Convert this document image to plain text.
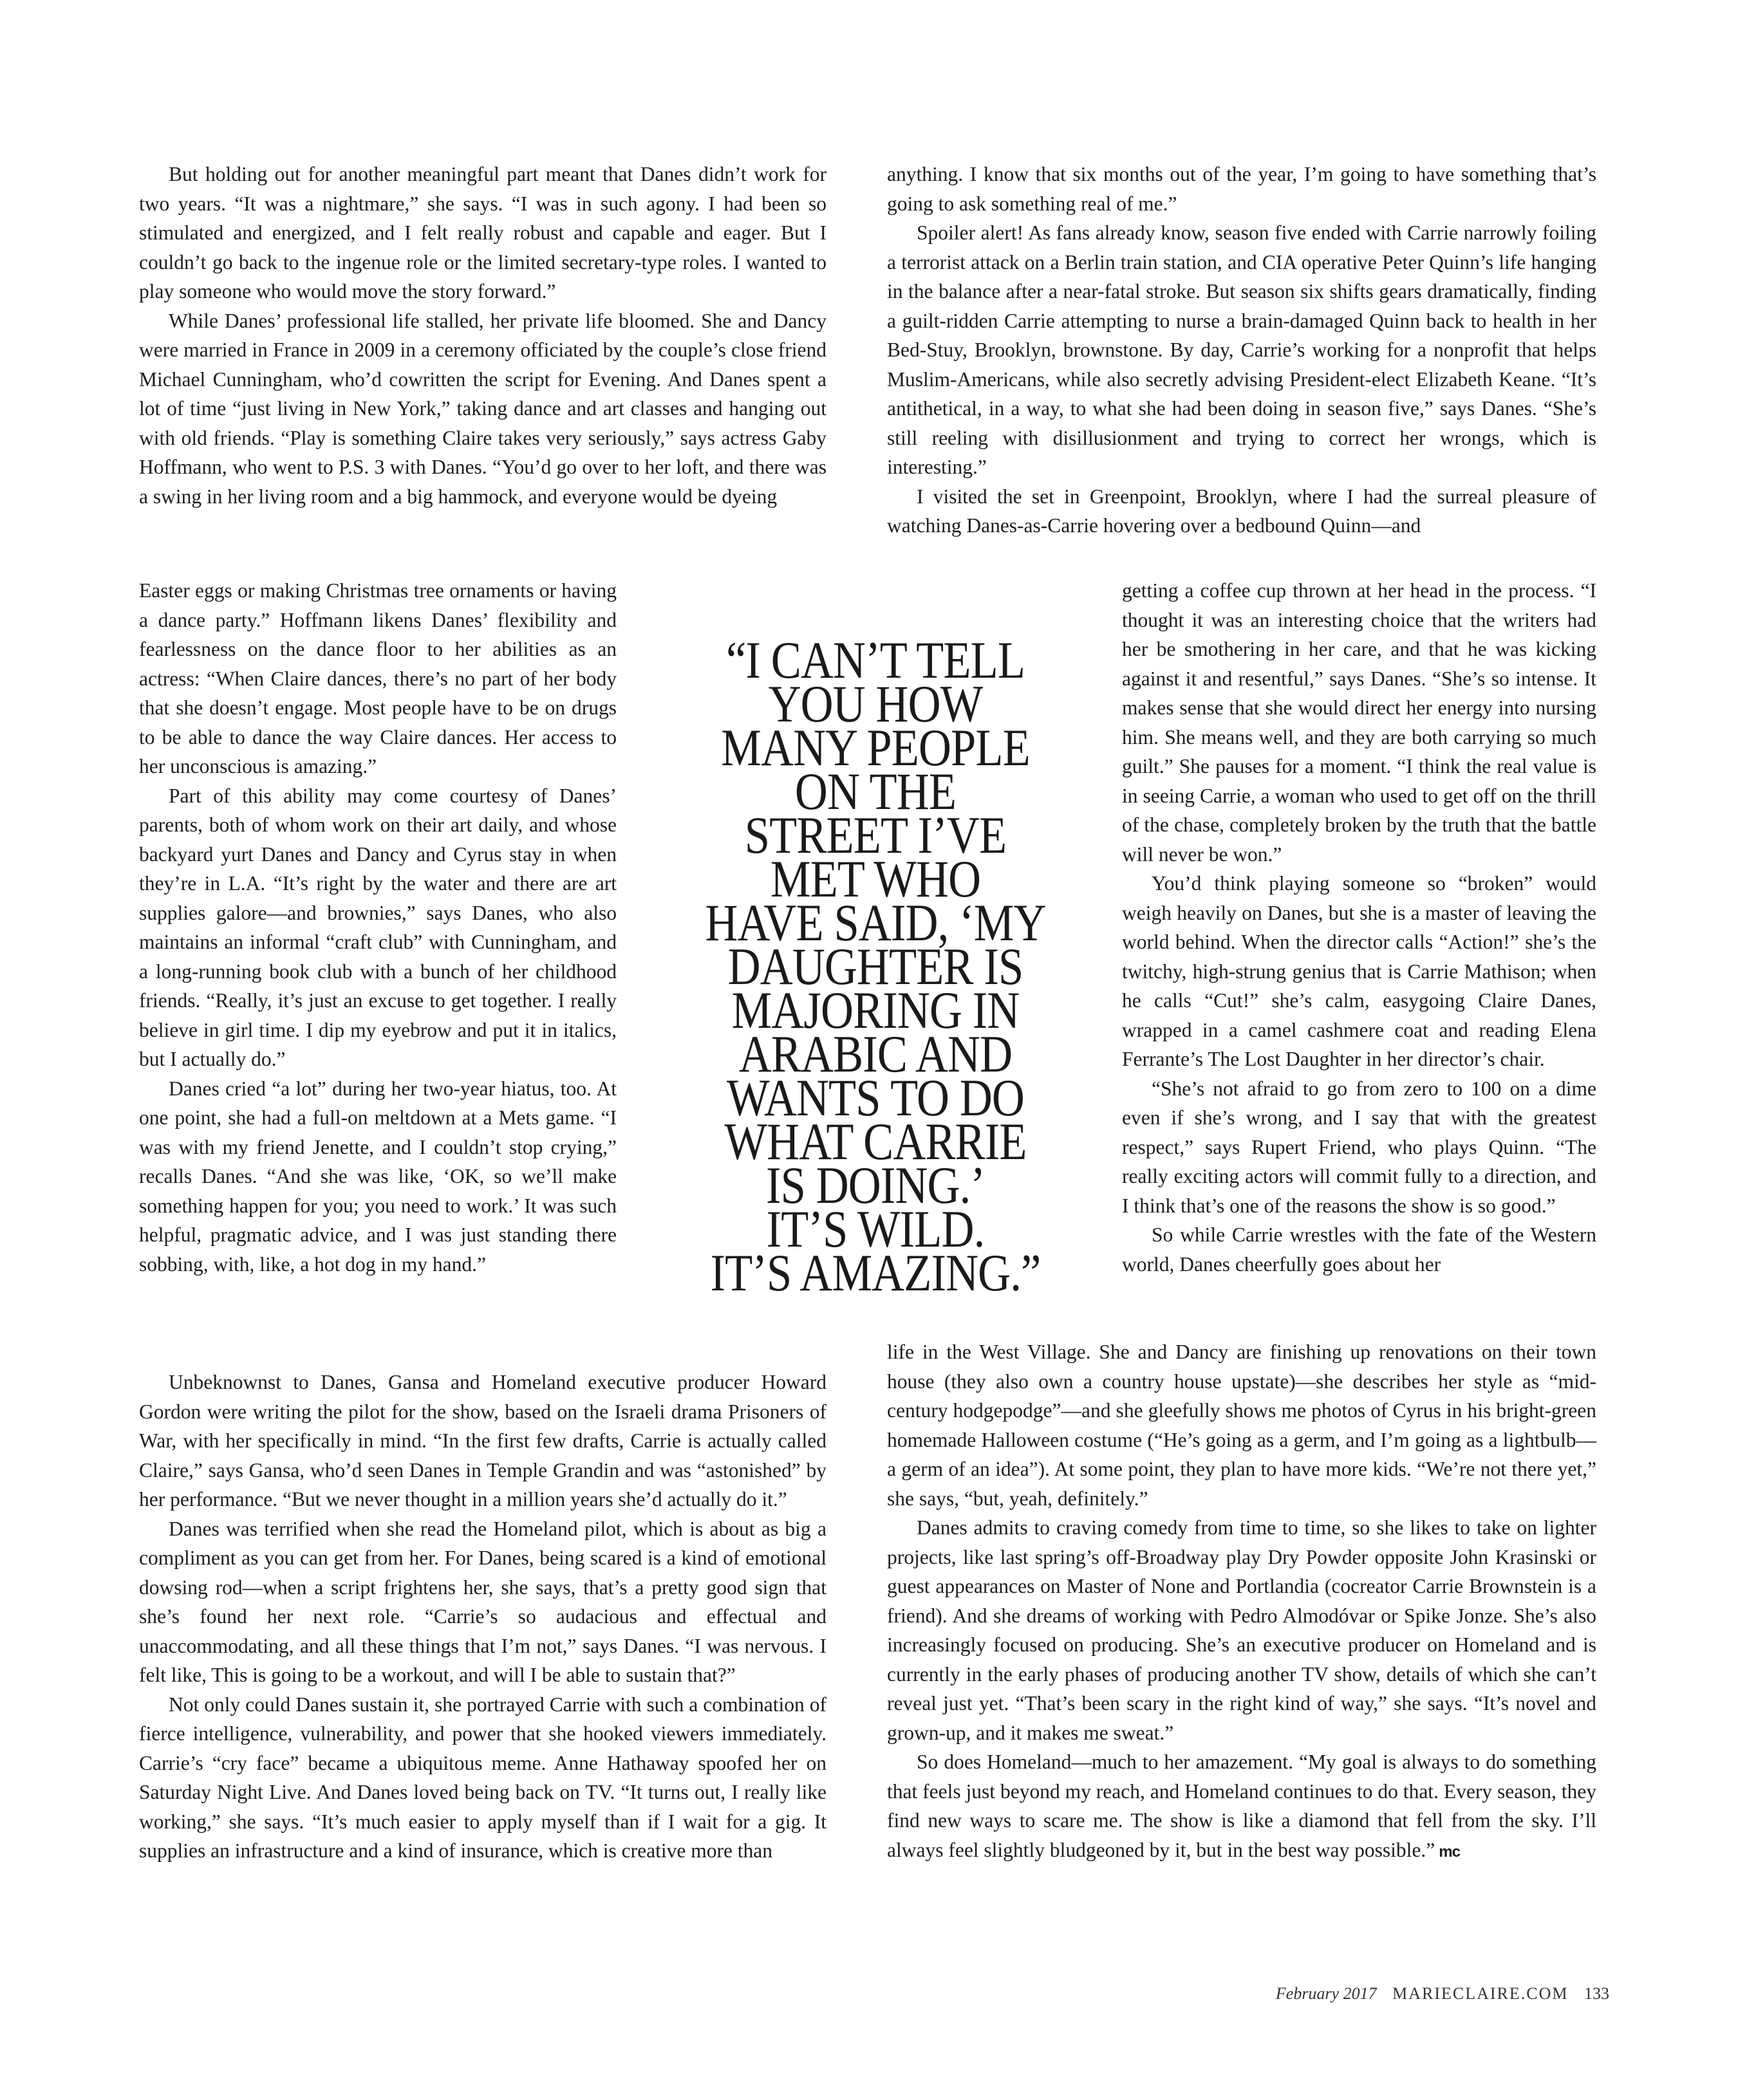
But holding out for another meaningful part meant that Danes didn’t work for two years. “It was a nightmare,” she says. “I was in such agony. I had been so stimulated and energized, and I felt really robust and capable and eager. But I couldn’t go back to the ingenue role or the limited secretary-type roles. I wanted to play someone who would move the story forward.”

While Danes’ professional life stalled, her private life bloomed. She and Dancy were married in France in 2009 in a ceremony officiated by the couple’s close friend Michael Cunningham, who’d cowritten the script for Evening. And Danes spent a lot of time “just living in New York,” taking dance and art classes and hanging out with old friends. “Play is something Claire takes very seriously,” says actress Gaby Hoffmann, who went to P.S. 3 with Danes. “You’d go over to her loft, and there was a swing in her living room and a big hammock, and everyone would be dyeing

Easter eggs or making Christmas tree ornaments or having a dance party.” Hoffmann likens Danes’ flexibility and fearlessness on the dance floor to her abilities as an actress: “When Claire dances, there’s no part of her body that she doesn’t engage. Most people have to be on drugs to be able to dance the way Claire dances. Her access to her unconscious is amazing.”

Part of this ability may come courtesy of Danes’ parents, both of whom work on their art daily, and whose backyard yurt Danes and Dancy and Cyrus stay in when they’re in L.A. “It’s right by the water and there are art supplies galore—and brownies,” says Danes, who also maintains an informal “craft club” with Cunningham, and a long-running book club with a bunch of her childhood friends. “Really, it’s just an excuse to get together. I really believe in girl time. I dip my eyebrow and put it in italics, but I actually do.”

Danes cried “a lot” during her two-year hiatus, too. At one point, she had a full-on meltdown at a Mets game. “I was with my friend Jenette, and I couldn’t stop crying,” recalls Danes. “And she was like, ‘OK, so we’ll make something happen for you; you need to work.’ It was such helpful, pragmatic advice, and I was just standing there sobbing, with, like, a hot dog in my hand.”

Unbeknownst to Danes, Gansa and Homeland executive producer Howard Gordon were writing the pilot for the show, based on the Israeli drama Prisoners of War, with her specifically in mind. “In the first few drafts, Carrie is actually called Claire,” says Gansa, who’d seen Danes in Temple Grandin and was “astonished” by her performance. “But we never thought in a million years she’d actually do it.”

Danes was terrified when she read the Homeland pilot, which is about as big a compliment as you can get from her. For Danes, being scared is a kind of emotional dowsing rod—when a script frightens her, she says, that’s a pretty good sign that she’s found her next role. “Carrie’s so audacious and effectual and unaccommodating, and all these things that I’m not,” says Danes. “I was nervous. I felt like, This is going to be a workout, and will I be able to sustain that?”

Not only could Danes sustain it, she portrayed Carrie with such a combination of fierce intelligence, vulnerability, and power that she hooked viewers immediately. Carrie’s “cry face” became a ubiquitous meme. Anne Hathaway spoofed her on Saturday Night Live. And Danes loved being back on TV. “It turns out, I really like working,” she says. “It’s much easier to apply myself than if I wait for a gig. It supplies an infrastructure and a kind of insurance, which is creative more than

“I CAN’T TELL
YOU HOW
MANY PEOPLE
ON THE
STREET I’VE
MET WHO
HAVE SAID, ‘MY
DAUGHTER IS
MAJORING IN
ARABIC AND
WANTS TO DO
WHAT CARRIE
IS DOING.’
IT’S WILD.
IT’S AMAZING.”

anything. I know that six months out of the year, I’m going to have something that’s going to ask something real of me.”

Spoiler alert! As fans already know, season five ended with Carrie narrowly foiling a terrorist attack on a Berlin train station, and CIA operative Peter Quinn’s life hanging in the balance after a near-fatal stroke. But season six shifts gears dramatically, finding a guilt-ridden Carrie attempting to nurse a brain-damaged Quinn back to health in her Bed-Stuy, Brooklyn, brownstone. By day, Carrie’s working for a nonprofit that helps Muslim-Americans, while also secretly advising President-elect Elizabeth Keane. “It’s antithetical, in a way, to what she had been doing in season five,” says Danes. “She’s still reeling with disillusionment and trying to correct her wrongs, which is interesting.”

I visited the set in Greenpoint, Brooklyn, where I had the surreal pleasure of watching Danes-as-Carrie hovering over a bedbound Quinn—and

getting a coffee cup thrown at her head in the process. “I thought it was an interesting choice that the writers had her be smothering in her care, and that he was kicking against it and resentful,” says Danes. “She’s so intense. It makes sense that she would direct her energy into nursing him. She means well, and they are both carrying so much guilt.” She pauses for a moment. “I think the real value is in seeing Carrie, a woman who used to get off on the thrill of the chase, completely broken by the truth that the battle will never be won.”

You’d think playing someone so “broken” would weigh heavily on Danes, but she is a master of leaving the world behind. When the director calls “Action!” she’s the twitchy, high-strung genius that is Carrie Mathison; when he calls “Cut!” she’s calm, easygoing Claire Danes, wrapped in a camel cashmere coat and reading Elena Ferrante’s The Lost Daughter in her director’s chair.

“She’s not afraid to go from zero to 100 on a dime even if she’s wrong, and I say that with the greatest respect,” says Rupert Friend, who plays Quinn. “The really exciting actors will commit fully to a direction, and I think that’s one of the reasons the show is so good.”

So while Carrie wrestles with the fate of the Western world, Danes cheerfully goes about her

life in the West Village. She and Dancy are finishing up renovations on their town house (they also own a country house upstate)—she describes her style as “mid-century hodgepodge”—and she gleefully shows me photos of Cyrus in his bright-green homemade Halloween costume (“He’s going as a germ, and I’m going as a lightbulb—a germ of an idea”). At some point, they plan to have more kids. “We’re not there yet,” she says, “but, yeah, definitely.”

Danes admits to craving comedy from time to time, so she likes to take on lighter projects, like last spring’s off-Broadway play Dry Powder opposite John Krasinski or guest appearances on Master of None and Portlandia (cocreator Carrie Brownstein is a friend). And she dreams of working with Pedro Almodóvar or Spike Jonze. She’s also increasingly focused on producing. She’s an executive producer on Homeland and is currently in the early phases of producing another TV show, details of which she can’t reveal just yet. “That’s been scary in the right kind of way,” she says. “It’s novel and grown-up, and it makes me sweat.”

So does Homeland—much to her amazement. “My goal is always to do something that feels just beyond my reach, and Homeland continues to do that. Every season, they find new ways to scare me. The show is like a diamond that fell from the sky. I’ll always feel slightly bludgeoned by it, but in the best way possible.” mc

February 2017 MARIECLAIRE.COM 133
